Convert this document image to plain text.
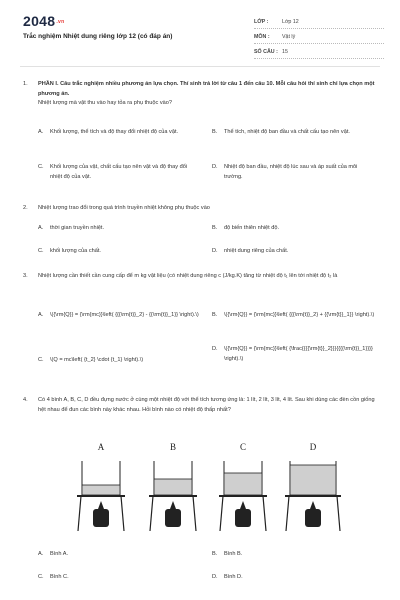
2048.vn
Trắc nghiệm Nhiệt dung riêng lớp 12 (có đáp án)
LỚP :	Lớp 12
MÔN :	Vật lý
SỐ CÂU : 15
1. PHẦN I. Câu trắc nghiệm nhiều phương án lựa chọn. Thí sinh trả lời từ câu 1 đến câu 10. Mỗi câu hỏi thí sinh chỉ lựa chọn một phương án.
Nhiệt lượng mà vật thu vào hay tỏa ra phụ thuộc vào?
A. Khối lượng, thể tích và độ thay đổi nhiệt độ của vật.	B. Thể tích, nhiệt độ ban đầu và chất cấu tạo nên vật.
C. Khối lượng của vật, chất cấu tạo nên vật và độ thay đổi nhiệt độ của vật.
D. Nhiệt độ ban đầu, nhiệt độ lúc sau và áp suất của môi trường.
2. Nhiệt lượng trao đổi trong quá trình truyền nhiệt không phụ thuộc vào
A. thời gian truyền nhiệt.	B. độ biến thiên nhiệt độ.
C. khối lượng của chất.	D. nhiệt dung riêng của chất.
3. Nhiệt lượng cần thiết cần cung cấp để m kg vật liệu (có nhiệt dung riêng c (J/kg.K) tăng từ nhiệt độ t₁ lên tới nhiệt độ t₂ là
A. \({\rm{Q}} = {\rm{mc}}\left( {{{\rm{t}}_2} - {{\rm{t}}_1}} \right).\)	B. \({\rm{Q}} = {\rm{mc}}\left( {{{\rm{t}}_2} + {{\rm{t}}_1}} \right).\)
C. \(Q = mc\left( {t_2} \cdot {t_1} \right).\)
D. \({\rm{Q}} = {\rm{mc}}\left( {\frac{{{{\rm{t}}_2}}}{{{{\rm{t}}_1}}}} \right).\)
4. Có 4 bình A, B, C, D đều đựng nước ở cùng một nhiệt độ với thể tích tương ứng là: 1 lít, 2 lít, 3 lít, 4 lít. Sau khi dùng các đèn cồn giống hệt nhau để đun các bình này khác nhau. Hỏi bình nào có nhiệt độ thấp nhất?
A	B	C	D
A. Bình A.	B. Bình B.
C. Bình C.	D. Bình D.
